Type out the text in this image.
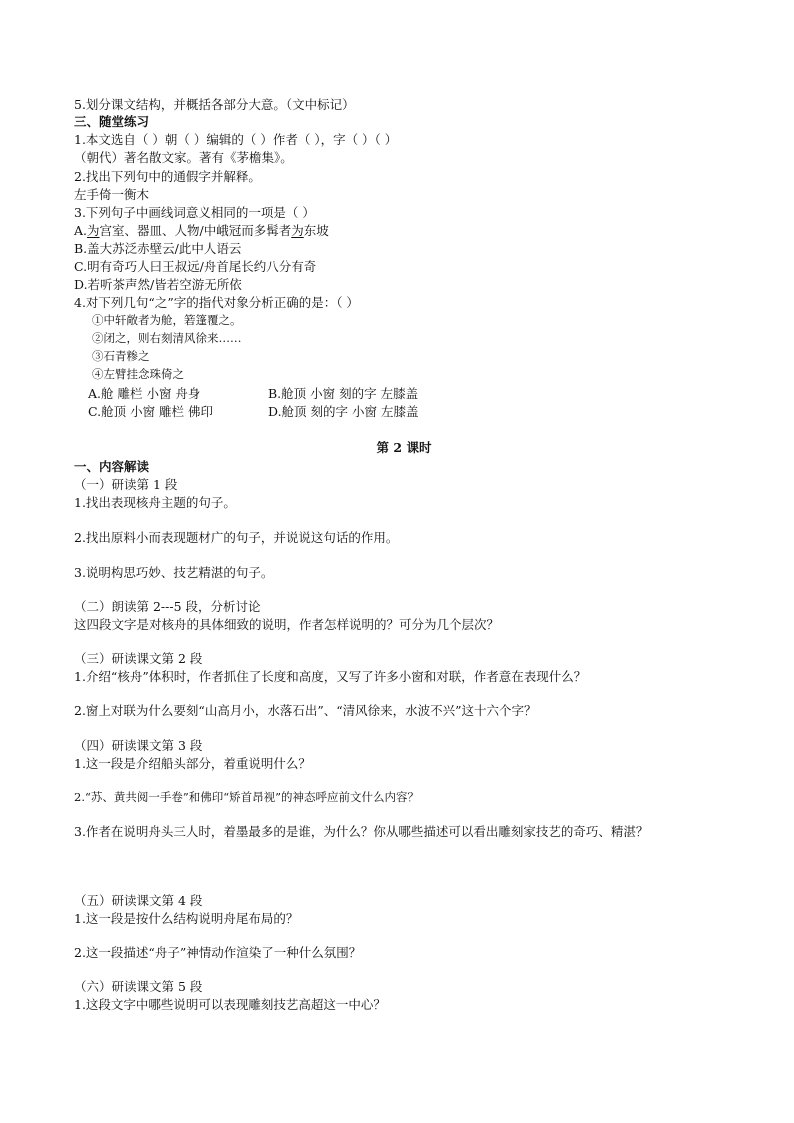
5.划分课文结构，并概括各部分大意。（文中标记）
三、随堂练习
1.本文选自（ ）朝（ ）编辑的（ ）作者（ ），字（ ）（ ）
（朝代）著名散文家。著有《茅檐集》。
2.找出下列句中的通假字并解释。
左手倚一衡木
3.下列句子中画线词意义相同的一项是（ ）
A.为宫室、器皿、人物/中峨冠而多髯者为东坡
B.盖大苏泛赤壁云/此中人语云
C.明有奇巧人曰王叔远/舟首尾长约八分有奇
D.若听茶声然/皆若空游无所依
4.对下列几句“之”字的指代对象分析正确的是：（ ）
①中轩敞者为舱，箬篷覆之。
②闭之，则右刻清风徐来……
③石青糁之
④左臂挂念珠倚之
A.舱 雕栏 小窗 舟身	B.舱顶 小窗 刻的字 左膝盖
C.舱顶 小窗 雕栏 佛印	D.舱顶 刻的字 小窗 左膝盖
第 2 课时
一、内容解读
（一）研读第 1 段
1.找出表现核舟主题的句子。
2.找出原料小而表现题材广的句子，并说说这句话的作用。
3.说明构思巧妙、技艺精湛的句子。
（二）朗读第 2---5 段，分析讨论
这四段文字是对核舟的具体细致的说明，作者怎样说明的？可分为几个层次？
（三）研读课文第 2 段
1.介绍“核舟”体积时，作者抓住了长度和高度，又写了许多小窗和对联，作者意在表现什么？
2.窗上对联为什么要刻“山高月小，水落石出”、“清风徐来，水波不兴”这十六个字？
（四）研读课文第 3 段
1.这一段是介绍船头部分，着重说明什么？
2.“苏、黄共阅一手卷”和佛印“矫首昂视”的神态呼应前文什么内容？
3.作者在说明舟头三人时，着墨最多的是谁，为什么？你从哪些描述可以看出雕刻家技艺的奇巧、精湛？
（五）研读课文第 4 段
1.这一段是按什么结构说明舟尾布局的？
2.这一段描述“舟子”神情动作渲染了一种什么氛围？
（六）研读课文第 5 段
1.这段文字中哪些说明可以表现雕刻技艺高超这一中心？
